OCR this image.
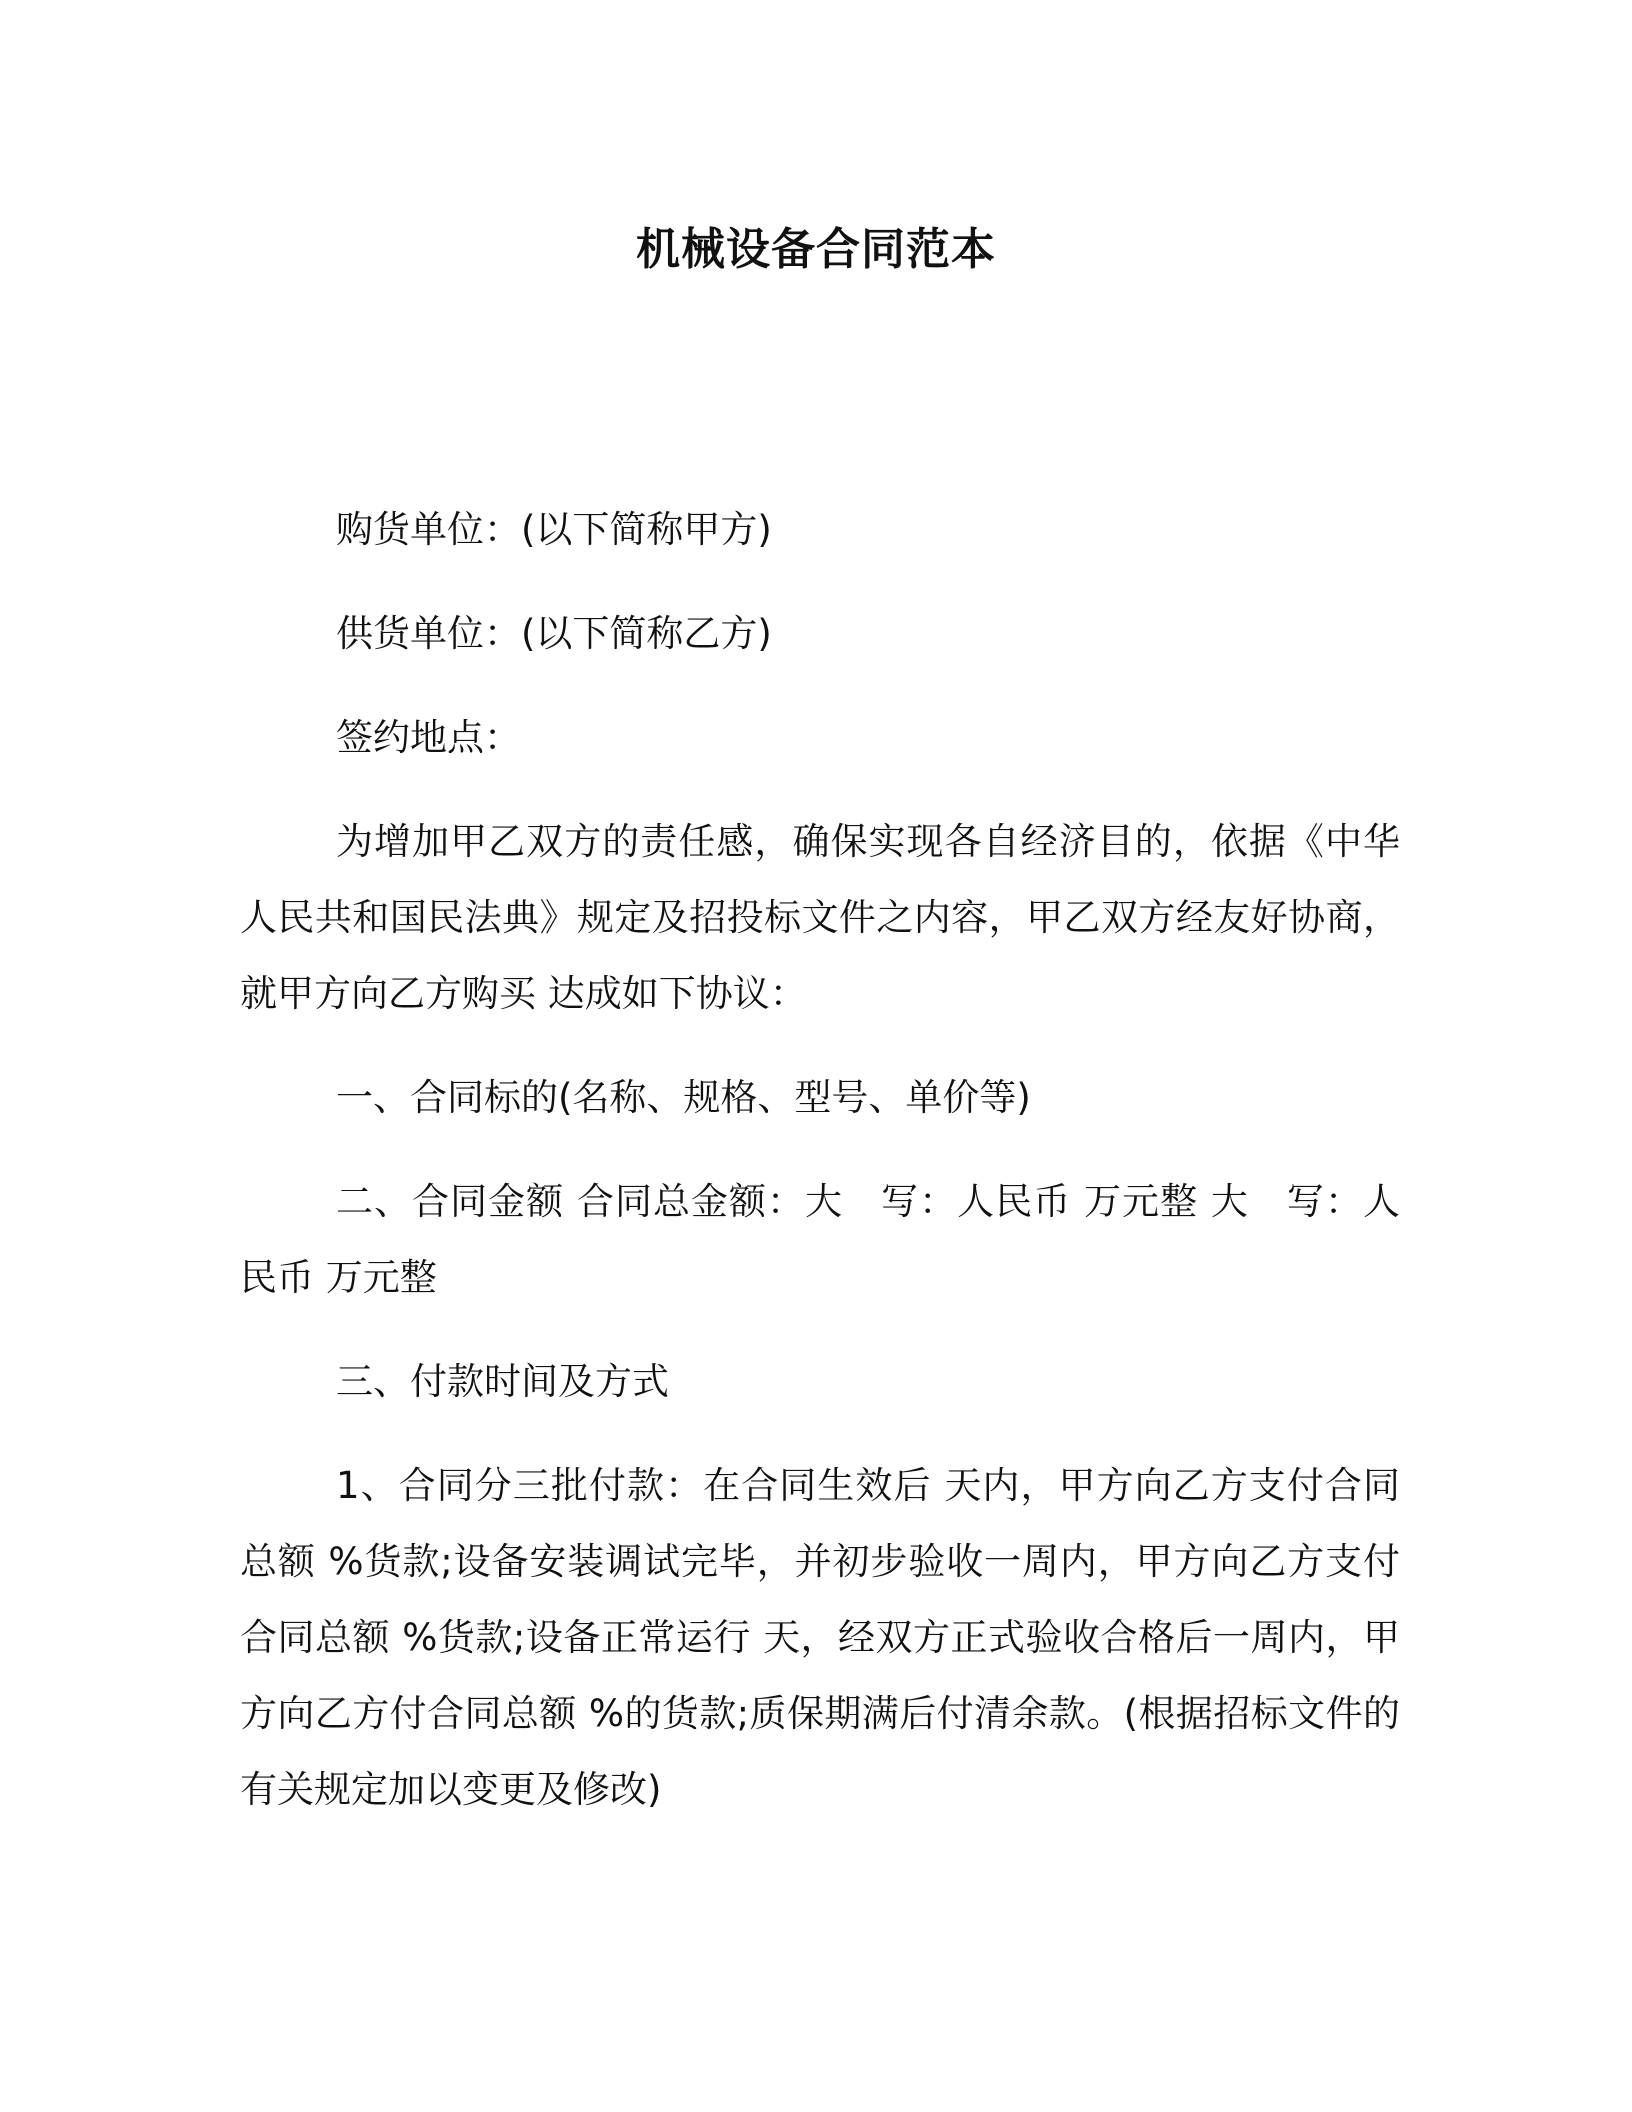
机械设备合同范本

购货单位：(以下简称甲方)

供货单位：(以下简称乙方)

签约地点：

为增加甲乙双方的责任感，确保实现各自经济目的，依据《中华人民共和国民法典》规定及招投标文件之内容，甲乙双方经友好协商，就甲方向乙方购买 达成如下协议：

一、合同标的(名称、规格、型号、单价等)

二、合同金额 合同总金额：大　写：人民币 万元整 大　写：人民币 万元整

三、付款时间及方式

1、合同分三批付款：在合同生效后 天内，甲方向乙方支付合同总额 %货款;设备安装调试完毕，并初步验收一周内，甲方向乙方支付合同总额 %货款;设备正常运行 天，经双方正式验收合格后一周内，甲方向乙方付合同总额 %的货款;质保期满后付清余款。(根据招标文件的有关规定加以变更及修改)
